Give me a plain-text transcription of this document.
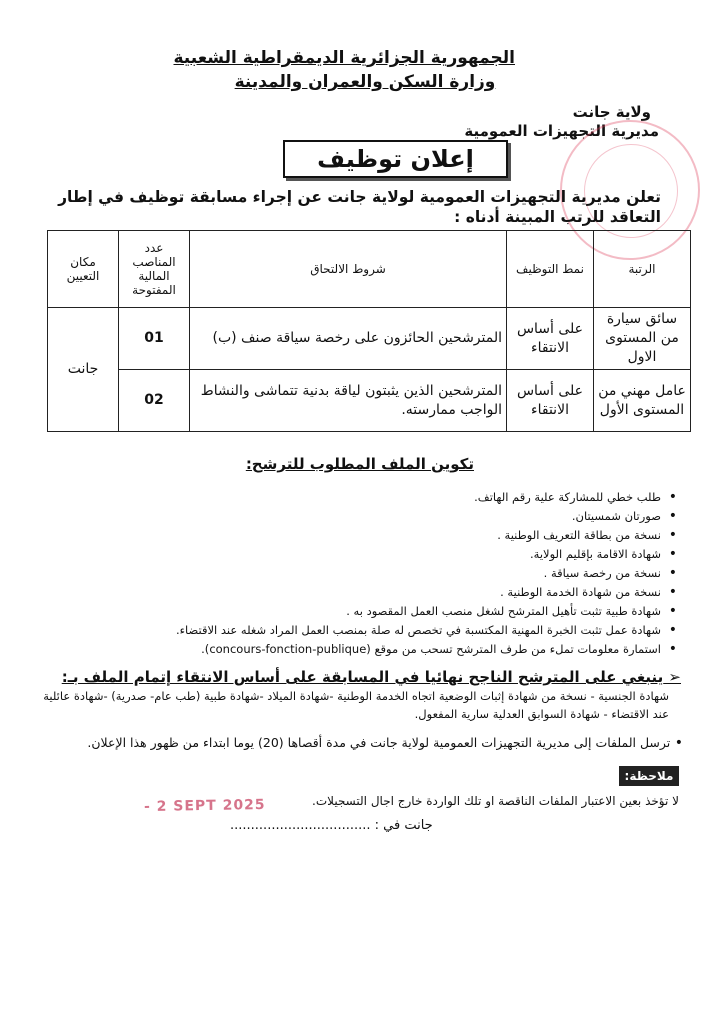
الجمهورية الجزائرية الديمقراطية الشعبية
وزارة السكن والعمران والمدينة
ولاية جانت
مديرية التجهيزات العمومية
إعلان توظيف
تعلن مديرية التجهيزات العمومية لولاية جانت عن إجراء مسابقة توظيف في إطار التعاقد للرتب المبينة أدناه :
الرتبة	نمط التوظيف	شروط الالتحاق	عدد المناصب المالية المفتوحة	مكان التعيين
سائق سيارة من المستوى الاول	على أساس الانتقاء	المترشحين الحائزون على رخصة سياقة صنف (ب)	01	جانت
عامل مهني من المستوى الأول	على أساس الانتقاء	المترشحين الذين يثبتون لياقة بدنية تتماشى والنشاط الواجب ممارسته.	02	
تكوين الملف المطلوب للترشح:
• طلب خطي للمشاركة علية رقم الهاتف.
• صورتان شمسيتان.
• نسخة من بطاقة التعريف الوطنية .
• شهادة الاقامة بإقليم الولاية.
• نسخة من رخصة سياقة .
• نسخة من شهادة الخدمة الوطنية .
• شهادة طبية تثبت تأهيل المترشح لشغل منصب العمل المقصود به .
• شهادة عمل تثبت الخبرة المهنية المكتسبة في تخصص له صلة بمنصب العمل المراد شغله عند الاقتضاء.
• استمارة معلومات تملء من طرف المترشح تسحب من موقع (concours-fonction-publique).
➢ ينبغي على المترشح الناجح نهائيا في المسابقة على أساس الانتقاء إتمام الملف بـ:
شهادة الجنسية - نسخة من شهادة إثبات الوضعية اتجاه الخدمة الوطنية -شهادة الميلاد -شهادة طبية (طب عام- صدرية) -شهادة عائلية عند الاقتضاء - شهادة السوابق العدلية سارية المفعول.
• ترسل الملفات إلى مديرية التجهيزات العمومية لولاية جانت في مدة أقصاها (20) يوما ابتداء من ظهور هذا الإعلان.
ملاحظة:
لا تؤخذ بعين الاعتبار الملفات الناقصة او تلك الواردة خارج اجال التسجيلات.
- 2 SEPT 2025
جانت في : ..................................
